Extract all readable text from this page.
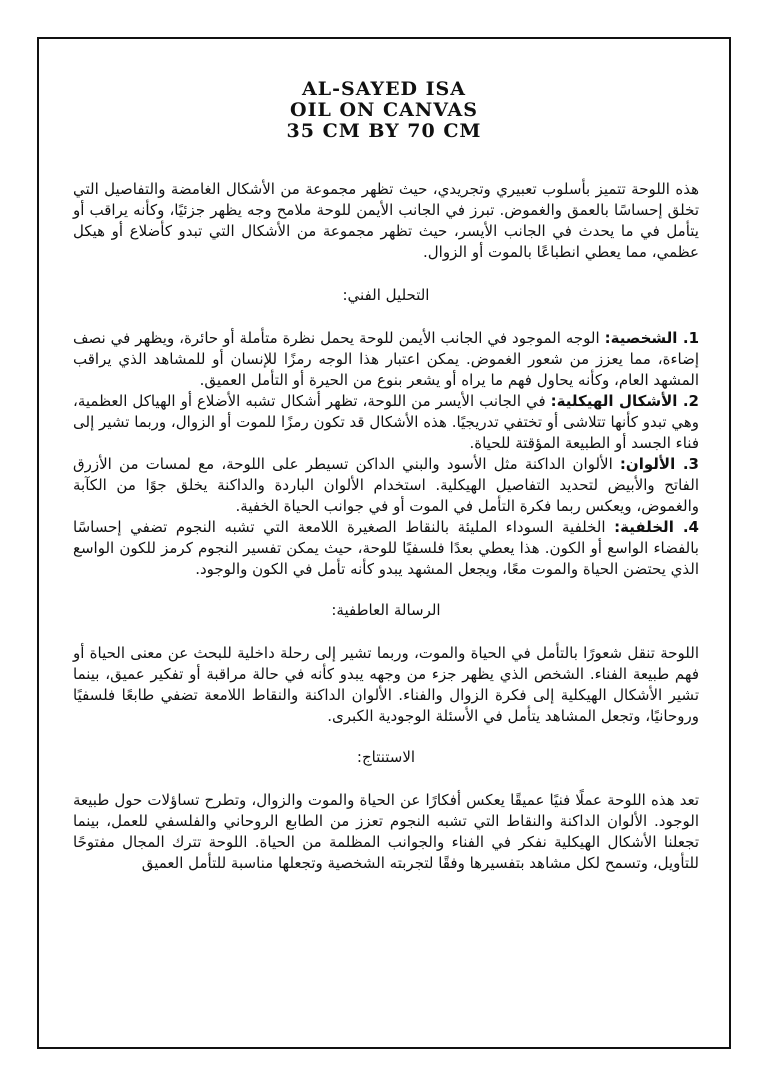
AL-SAYED ISA
OIL ON CANVAS
35 CM BY 70 CM

هذه اللوحة تتميز بأسلوب تعبيري وتجريدي، حيث تظهر مجموعة من الأشكال الغامضة والتفاصيل التي تخلق إحساسًا بالعمق والغموض. تبرز في الجانب الأيمن للوحة ملامح وجه يظهر جزئيًا، وكأنه يراقب أو يتأمل في ما يحدث في الجانب الأيسر، حيث تظهر مجموعة من الأشكال التي تبدو كأضلاع أو هيكل عظمي، مما يعطي انطباعًا بالموت أو الزوال.

التحليل الفني:

1. الشخصية: الوجه الموجود في الجانب الأيمن للوحة يحمل نظرة متأملة أو حائرة، ويظهر في نصف إضاءة، مما يعزز من شعور الغموض. يمكن اعتبار هذا الوجه رمزًا للإنسان أو للمشاهد الذي يراقب المشهد العام، وكأنه يحاول فهم ما يراه أو يشعر بنوع من الحيرة أو التأمل العميق.

2. الأشكال الهيكلية: في الجانب الأيسر من اللوحة، تظهر أشكال تشبه الأضلاع أو الهياكل العظمية، وهي تبدو كأنها تتلاشى أو تختفي تدريجيًا. هذه الأشكال قد تكون رمزًا للموت أو الزوال، وربما تشير إلى فناء الجسد أو الطبيعة المؤقتة للحياة.

3. الألوان: الألوان الداكنة مثل الأسود والبني الداكن تسيطر على اللوحة، مع لمسات من الأزرق الفاتح والأبيض لتحديد التفاصيل الهيكلية. استخدام الألوان الباردة والداكنة يخلق جوًا من الكآبة والغموض، ويعكس ربما فكرة التأمل في الموت أو في جوانب الحياة الخفية.

4. الخلفية: الخلفية السوداء المليئة بالنقاط الصغيرة اللامعة التي تشبه النجوم تضفي إحساسًا بالفضاء الواسع أو الكون. هذا يعطي بعدًا فلسفيًا للوحة، حيث يمكن تفسير النجوم كرمز للكون الواسع الذي يحتضن الحياة والموت معًا، ويجعل المشهد يبدو كأنه تأمل في الكون والوجود.

الرسالة العاطفية:

اللوحة تنقل شعورًا بالتأمل في الحياة والموت، وربما تشير إلى رحلة داخلية للبحث عن معنى الحياة أو فهم طبيعة الفناء. الشخص الذي يظهر جزء من وجهه يبدو كأنه في حالة مراقبة أو تفكير عميق، بينما تشير الأشكال الهيكلية إلى فكرة الزوال والفناء. الألوان الداكنة والنقاط اللامعة تضفي طابعًا فلسفيًا وروحانيًا، وتجعل المشاهد يتأمل في الأسئلة الوجودية الكبرى.

الاستنتاج:

تعد هذه اللوحة عملًا فنيًا عميقًا يعكس أفكارًا عن الحياة والموت والزوال، وتطرح تساؤلات حول طبيعة الوجود. الألوان الداكنة والنقاط التي تشبه النجوم تعزز من الطابع الروحاني والفلسفي للعمل، بينما تجعلنا الأشكال الهيكلية نفكر في الفناء والجوانب المظلمة من الحياة. اللوحة تترك المجال مفتوحًا للتأويل، وتسمح لكل مشاهد بتفسيرها وفقًا لتجربته الشخصية وتجعلها مناسبة للتأمل العميق
